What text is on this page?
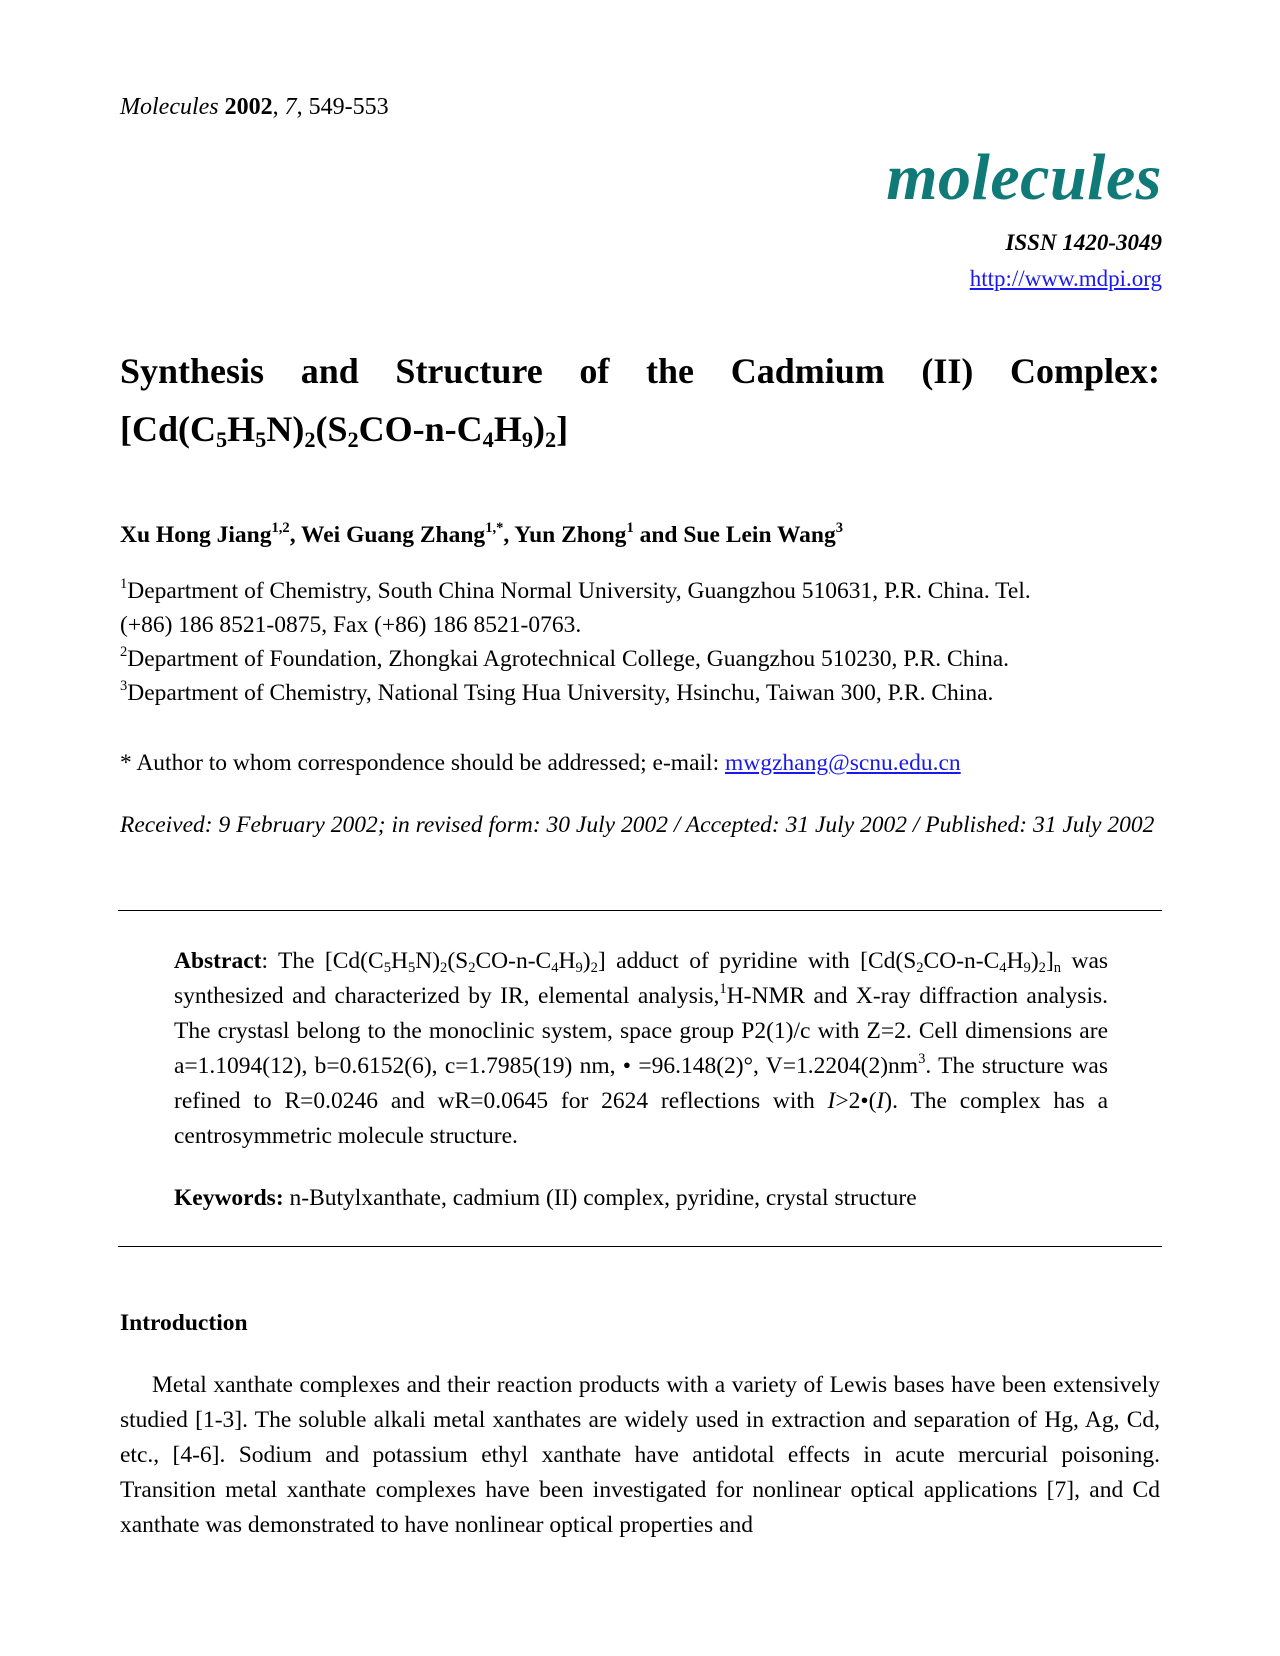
Molecules 2002, 7, 549-553
molecules
ISSN 1420-3049
http://www.mdpi.org
Synthesis and Structure of the Cadmium (II) Complex:
$[Cd(C_5H_5N)_2(S_2CO-n-C_4H_9)_2]$
Xu Hong Jiang$^{1,2}$, Wei Guang Zhang$^{1,*}$, Yun Zhong$^1$ and Sue Lein Wang$^3$
$^1$Department of Chemistry, South China Normal University, Guangzhou 510631, P.R. China. Tel.
(+86) 186 8521-0875, Fax (+86) 186 8521-0763.
$^2$Department of Foundation, Zhongkai Agrotechnical College, Guangzhou 510230, P.R. China.
$^3$Department of Chemistry, National Tsing Hua University, Hsinchu, Taiwan 300, P.R. China.
* Author to whom correspondence should be addressed; e-mail: mwgzhang@scnu.edu.cn
Received: 9 February 2002; in revised form: 30 July 2002 / Accepted: 31 July 2002 / Published: 31 July 2002
Abstract: The $[Cd(C_5H_5N)_2(S_2CO-n-C_4H_9)_2]$ adduct of pyridine with $[Cd(S_2CO-n-C_4H_9)_2]_n$ was synthesized and characterized by IR, elemental analysis,$^1$H-NMR and X-ray diffraction analysis. The crystasl belong to the monoclinic system, space group P2(1)/c with Z=2. Cell dimensions are a=1.1094(12), b=0.6152(6), c=1.7985(19) nm, • =96.148(2)°, $V=1.2204(2)nm^3$. The structure was refined to R=0.0246 and wR=0.0645 for 2624 reflections with I>2•(I). The complex has a centrosymmetric molecule structure.
Keywords: n-Butylxanthate, cadmium (II) complex, pyridine, crystal structure
Introduction
Metal xanthate complexes and their reaction products with a variety of Lewis bases have been extensively studied [1-3]. The soluble alkali metal xanthates are widely used in extraction and separation of Hg, Ag, Cd, etc., [4-6]. Sodium and potassium ethyl xanthate have antidotal effects in acute mercurial poisoning. Transition metal xanthate complexes have been investigated for nonlinear optical applications [7], and Cd xanthate was demonstrated to have nonlinear optical properties and
